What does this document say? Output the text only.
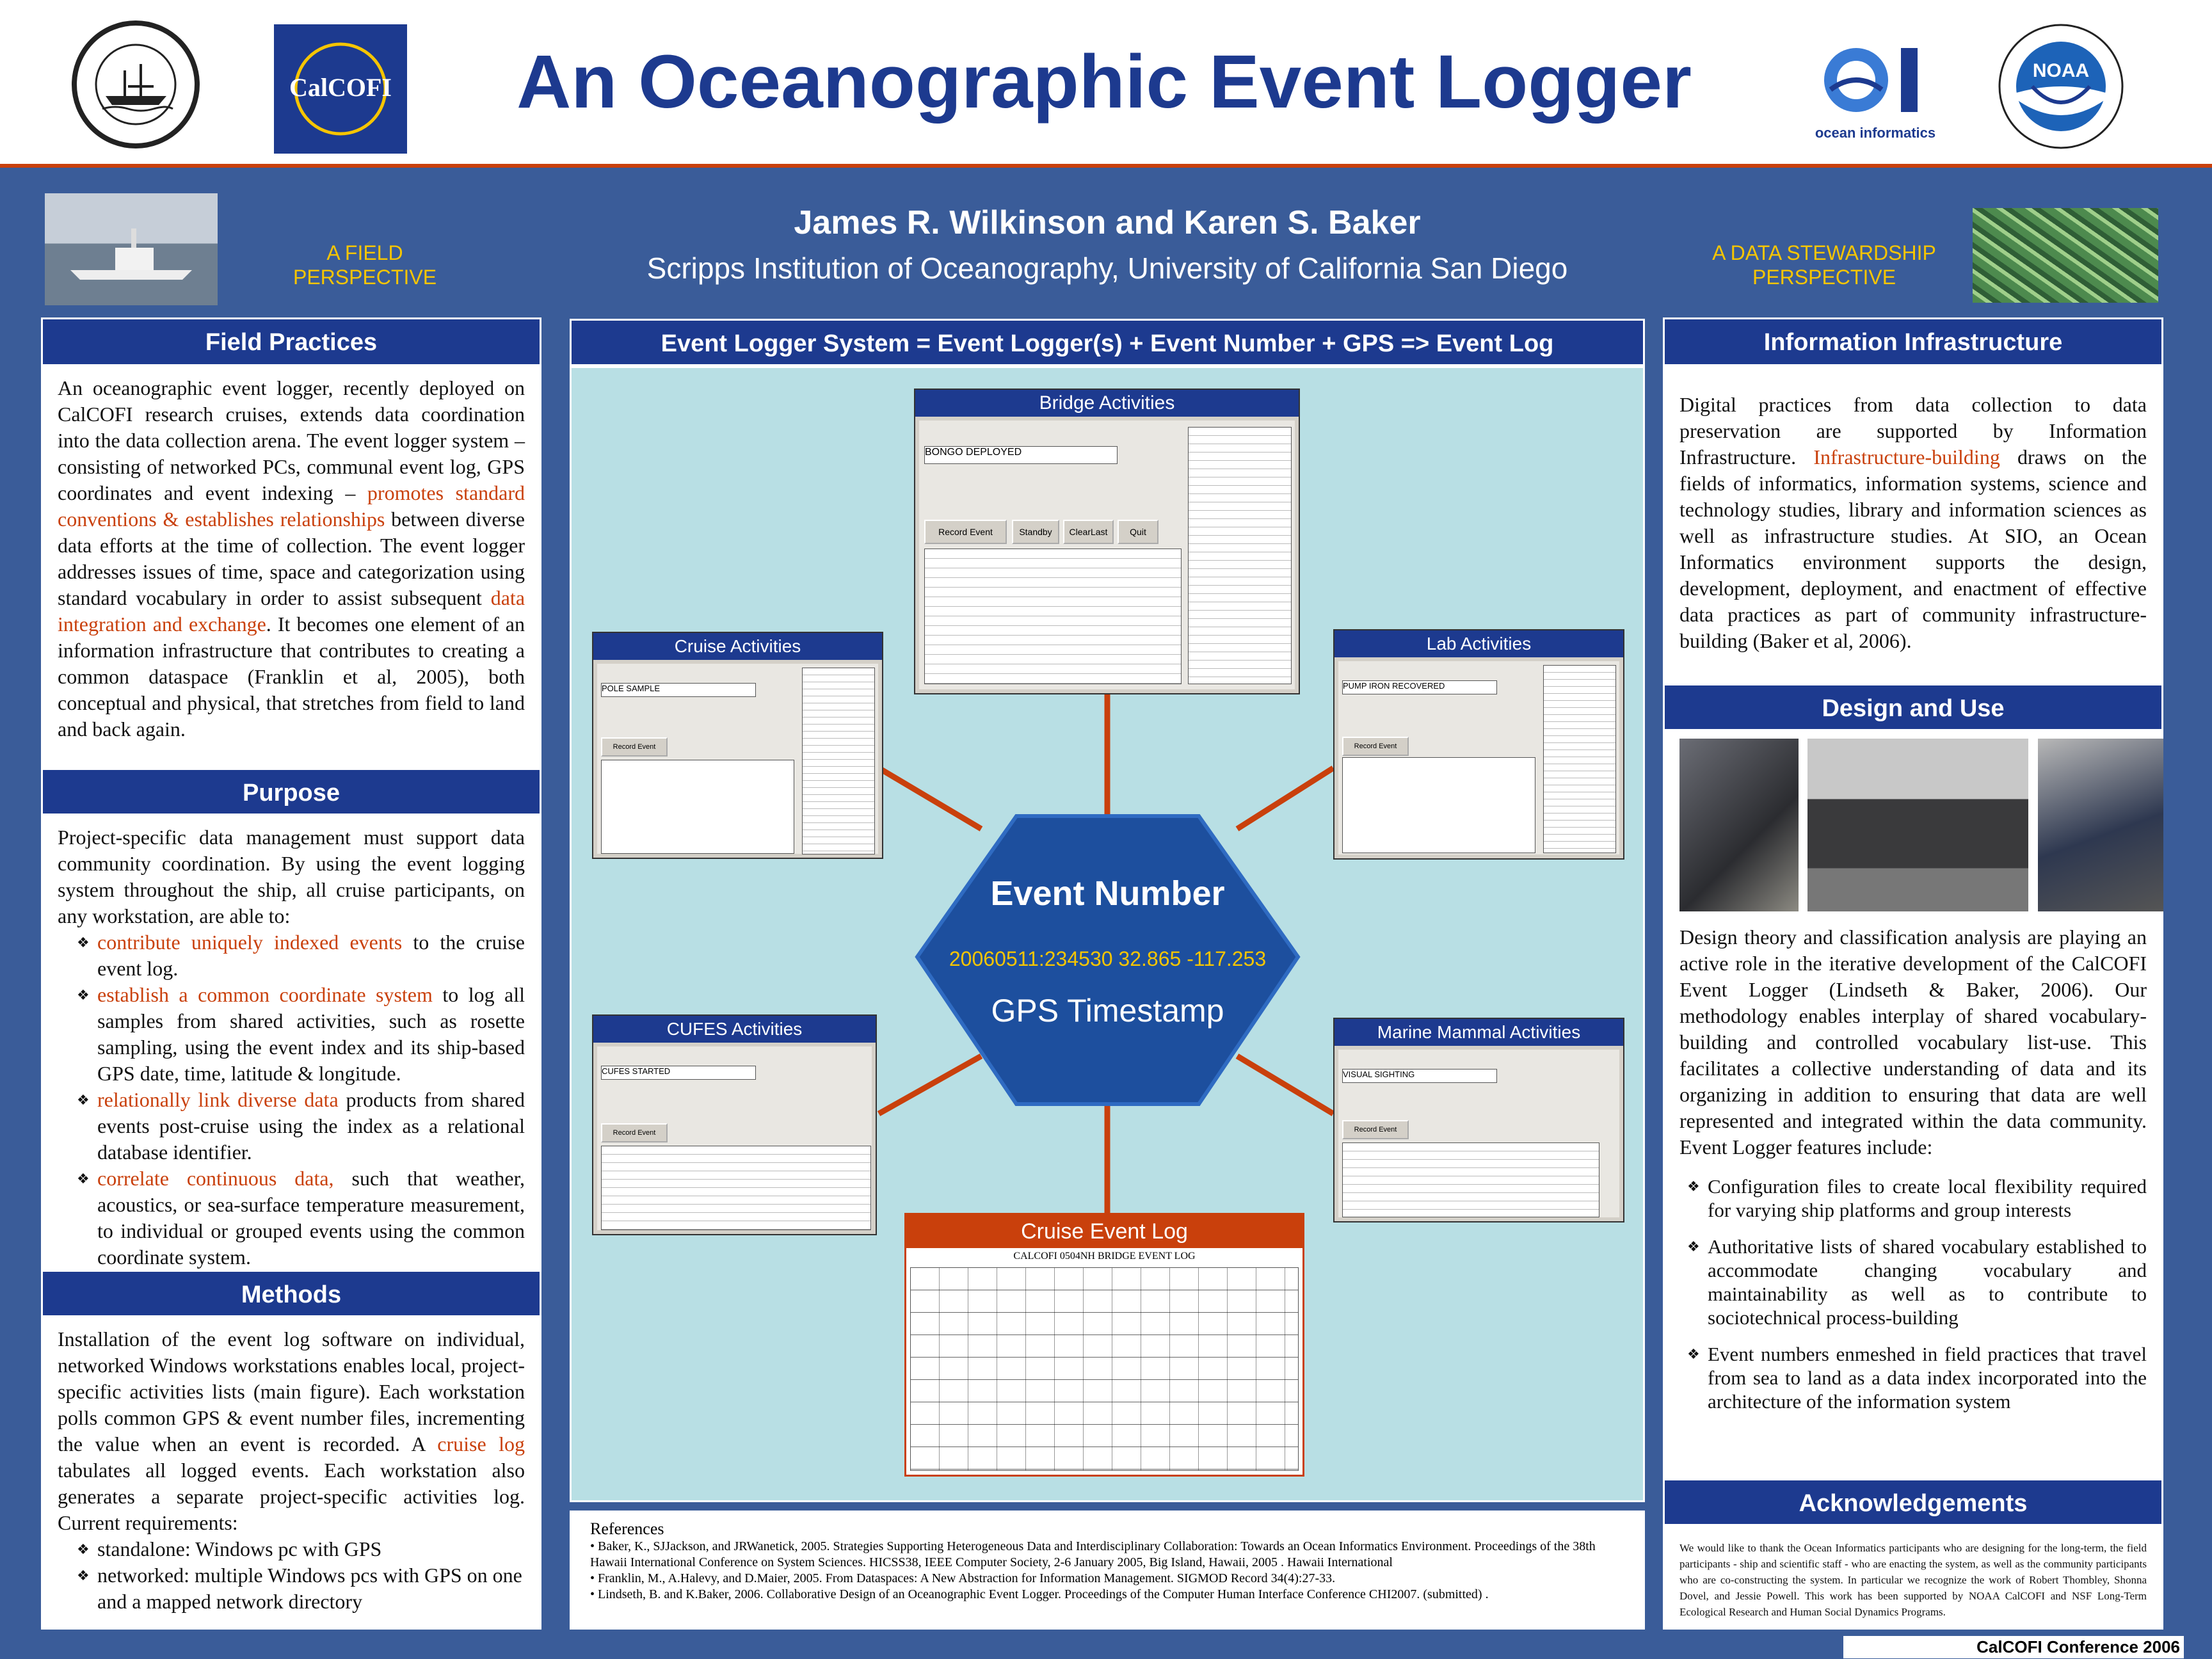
CalCOFI	An Oceanographic Event Logger
ocean informatics
NOAA
A FIELD PERSPECTIVE
James R. Wilkinson and Karen S. Baker
Scripps Institution of Oceanography, University of California San Diego	A DATA STEWARDSHIP PERSPECTIVE
Field Practices
An oceanographic event logger, recently deployed on CalCOFI research cruises, extends data coordination into the data collection arena. The event logger system – consisting of networked PCs, communal event log, GPS coordinates and event indexing – promotes standard conventions & establishes relationships between diverse data efforts at the time of collection. The event logger addresses issues of time, space and categorization using standard vocabulary in order to assist subsequent data integration and exchange. It becomes one element of an information infrastructure that contributes to creating a common dataspace (Franklin et al, 2005), both conceptual and physical, that stretches from field to land and back again.
Purpose
Project-specific data management must support data community coordination. By using the event logging system throughout the ship, all cruise participants, on any workstation, are able to:
❖ contribute uniquely indexed events to the cruise event log.
❖ establish a common coordinate system to log all samples from shared activities, such as rosette sampling, using the event index and its ship-based GPS date, time, latitude & longitude.
❖ relationally link diverse data products from shared events post-cruise using the index as a relational database identifier.
❖ correlate continuous data, such that weather, acoustics, or sea-surface temperature measurement, to individual or grouped events using the common coordinate system.
Methods
Installation of the event log software on individual, networked Windows workstations enables local, project-specific activities lists (main figure). Each workstation polls common GPS & event number files, incrementing the value when an event is recorded. A cruise log tabulates all logged events. Each workstation also generates a separate project-specific activities log. Current requirements:
❖ standalone: Windows pc with GPS
❖ networked: multiple Windows pcs with GPS on one and a mapped network directory
Event Logger System = Event Logger(s) + Event Number + GPS => Event Log
Event Number
20060511:234530 32.865 -117.253
GPS Timestamp
Bridge Activities
BONGO DEPLOYED
Record Event	Standby	ClearLast	Quit
Cruise Activities
POLE SAMPLE
Record Event
Lab Activities
PUMP IRON RECOVERED
Record Event
CUFES Activities
CUFES STARTED
Record Event
Marine Mammal Activities
VISUAL SIGHTING
Record Event
Cruise Event Log
CALCOFI 0504NH BRIDGE EVENT LOG
References
• Baker, K., SJJackson, and JRWanetick, 2005. Strategies Supporting Heterogeneous Data and Interdisciplinary Collaboration: Towards an Ocean Informatics Environment. Proceedings of the 38th Hawaii International Conference on System Sciences. HICSS38, IEEE Computer Society, 2-6 January 2005, Big Island, Hawaii, 2005 . Hawaii International
• Franklin, M., A.Halevy, and D.Maier, 2005. From Dataspaces: A New Abstraction for Information Management. SIGMOD Record 34(4):27-33.
• Lindseth, B. and K.Baker, 2006. Collaborative Design of an Oceanographic Event Logger. Proceedings of the Computer Human Interface Conference CHI2007. (submitted) .
Information Infrastructure
Digital practices from data collection to data preservation are supported by Information Infrastructure. Infrastructure-building draws on the fields of informatics, information systems, science and technology studies, library and information sciences as well as infrastructure studies. At SIO, an Ocean Informatics environment supports the design, development, deployment, and enactment of effective data practices as part of community infrastructure-building (Baker et al, 2006).
Design and Use
Design theory and classification analysis are playing an active role in the iterative development of the CalCOFI Event Logger (Lindseth & Baker, 2006). Our methodology enables interplay of shared vocabulary-building and controlled vocabulary list-use. This facilitates a collective understanding of data and its organizing in addition to ensuring that data are well represented and integrated within the data community. Event Logger features include:
❖ Configuration files to create local flexibility required for varying ship platforms and group interests
❖ Authoritative lists of shared vocabulary established to accommodate changing vocabulary and maintainability as well as to contribute to sociotechnical process-building
❖ Event numbers enmeshed in field practices that travel from sea to land as a data index incorporated into the architecture of the information system
Acknowledgements
We would like to thank the Ocean Informatics participants who are designing for the long-term, the field participants - ship and scientific staff - who are enacting the system, as well as the community participants who are co-constructing the system. In particular we recognize the work of Robert Thombley, Shonna Dovel, and Jessie Powell. This work has been supported by NOAA CalCOFI and NSF Long-Term Ecological Research and Human Social Dynamics Programs.
CalCOFI Conference 2006
